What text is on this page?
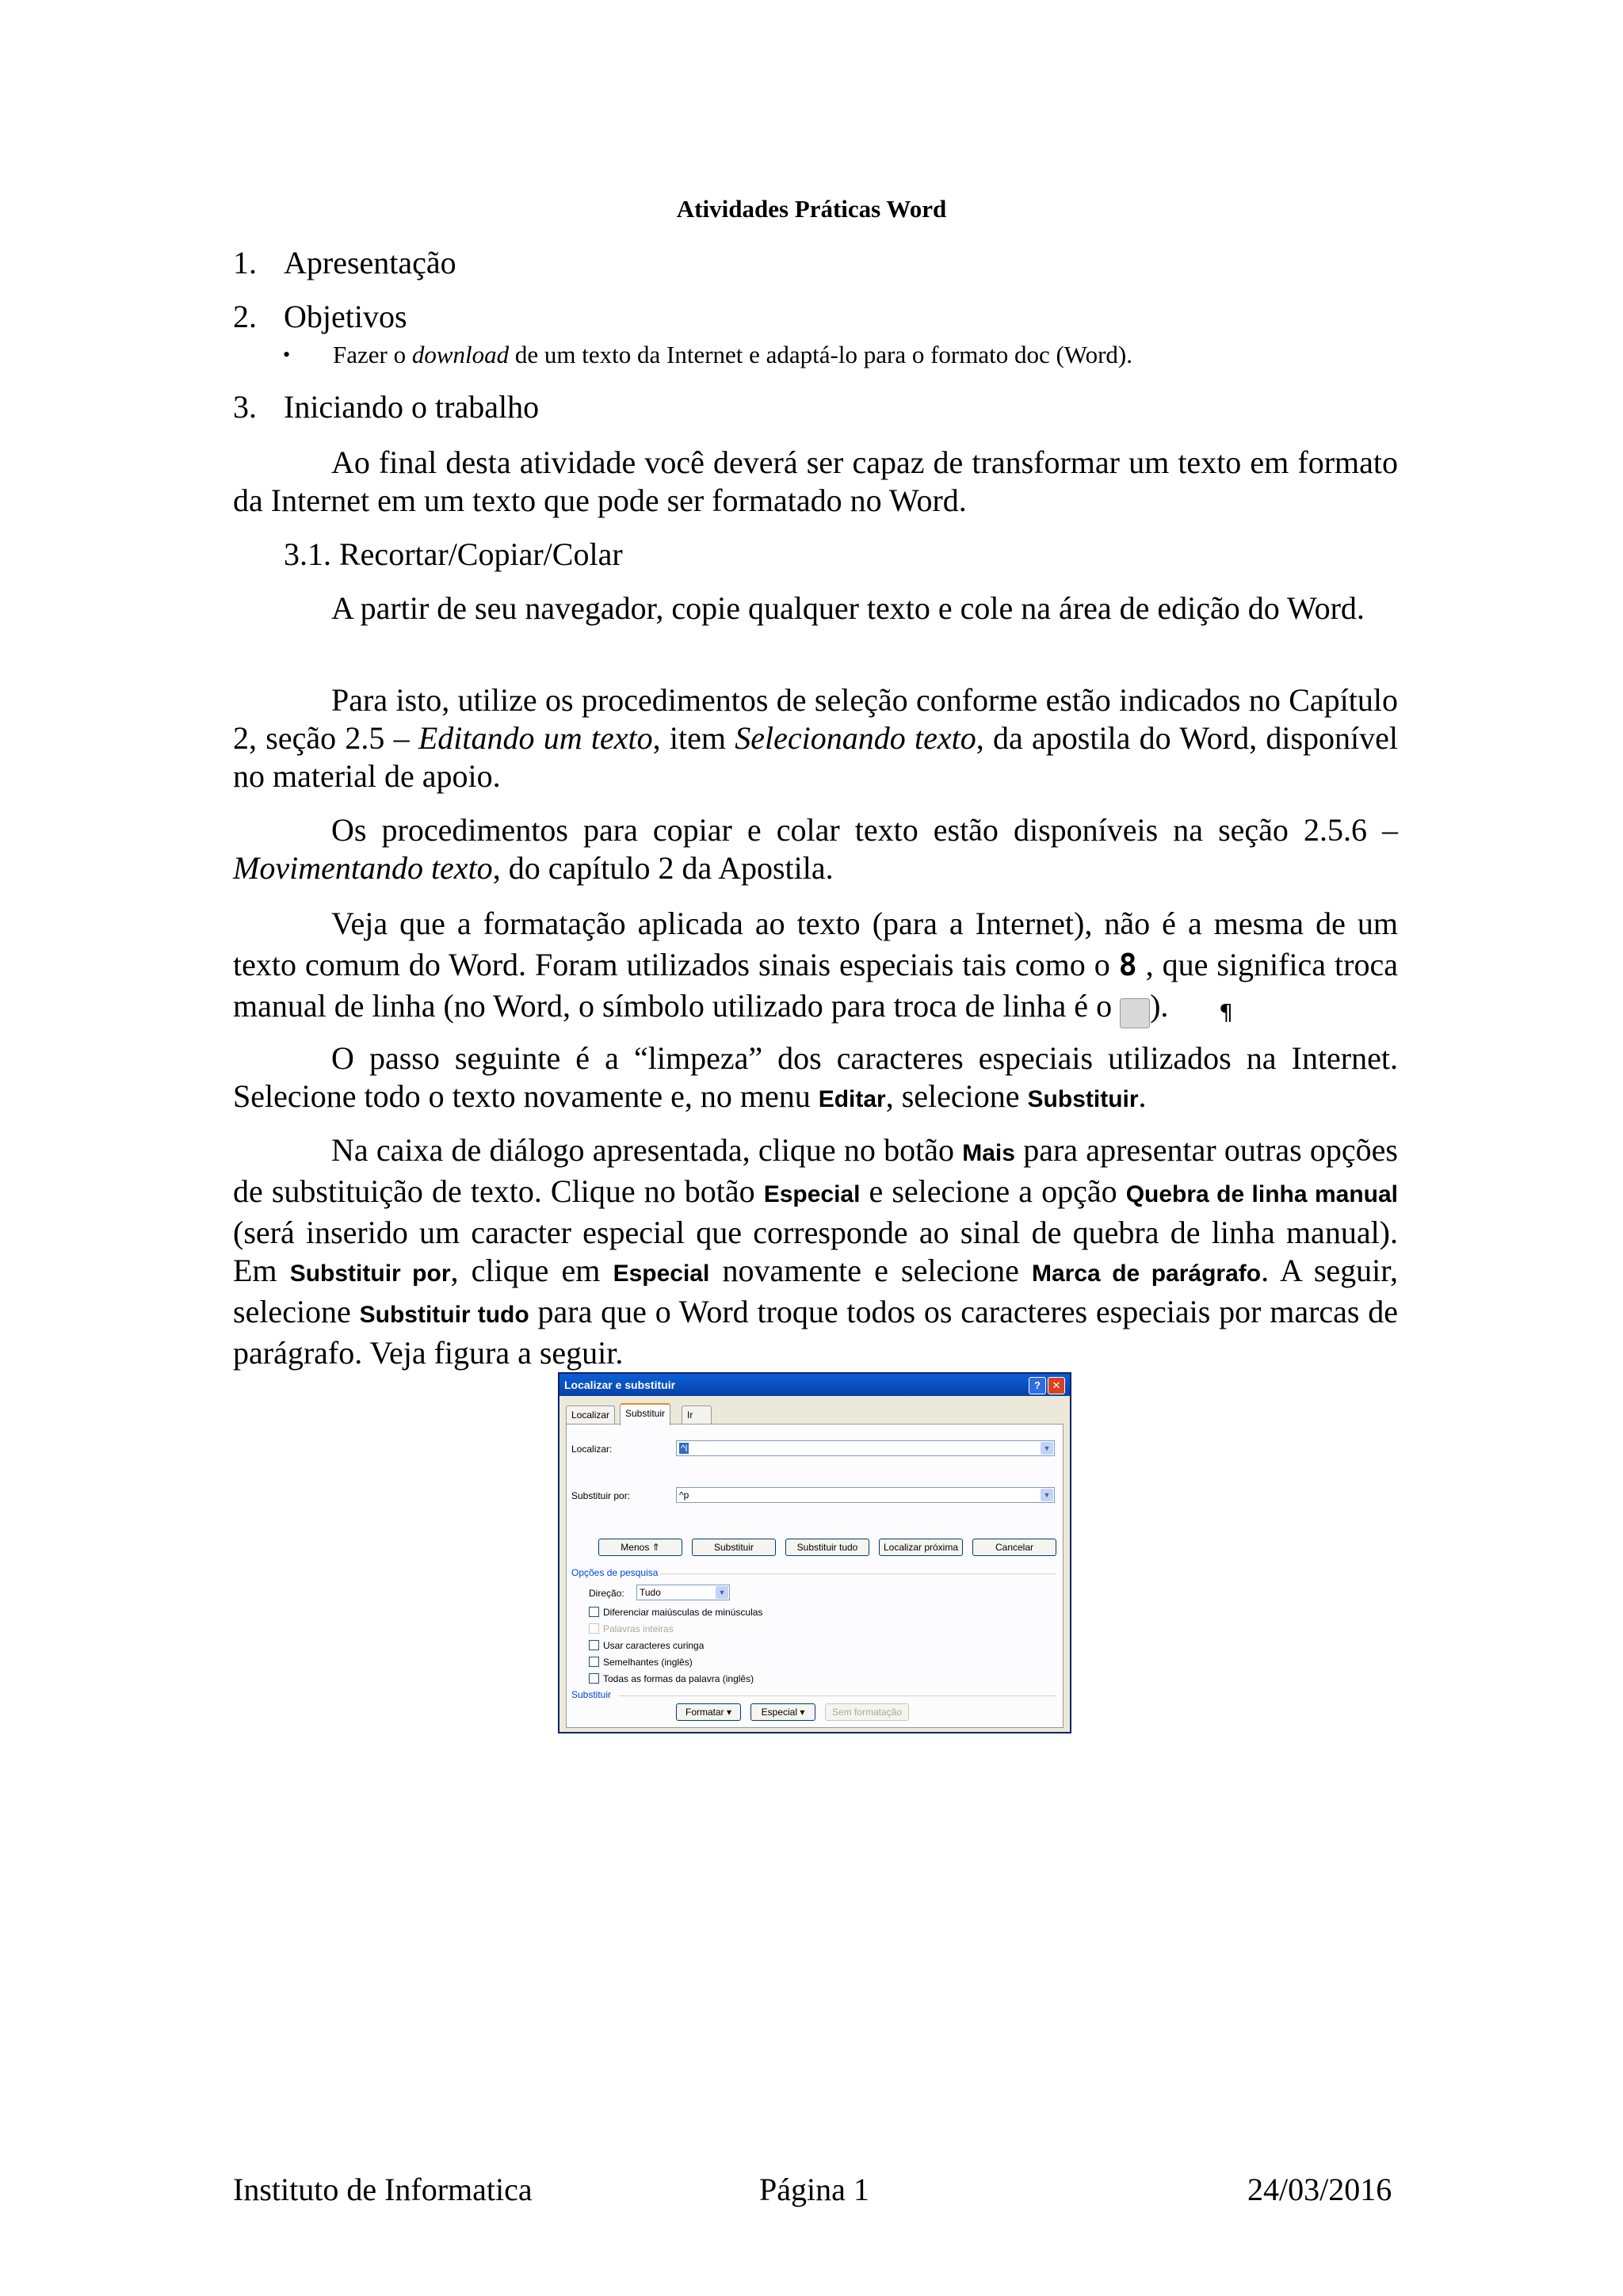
Atividades Práticas Word
1. Apresentação
2. Objetivos
• Fazer o download de um texto da Internet e adaptá-lo para o formato doc (Word).
3. Iniciando o trabalho

Ao final desta atividade você deverá ser capaz de transformar um texto em formato da Internet em um texto que pode ser formatado no Word.

3.1. Recortar/Copiar/Colar

A partir de seu navegador, copie qualquer texto e cole na área de edição do Word.

Para isto, utilize os procedimentos de seleção conforme estão indicados no Capítulo 2, seção 2.5 – Editando um texto, item Selecionando texto, da apostila do Word, disponível no material de apoio.

Os procedimentos para copiar e colar texto estão disponíveis na seção 2.5.6 – Movimentando texto, do capítulo 2 da Apostila.

Veja que a formatação aplicada ao texto (para a Internet), não é a mesma de um texto comum do Word. Foram utilizados sinais especiais tais como o 8 , que significa troca manual de linha (no Word, o símbolo utilizado para troca de linha é o	¶).

O passo seguinte é a “limpeza” dos caracteres especiais utilizados na Internet. Selecione todo o texto novamente e, no menu Editar, selecione Substituir.

Na caixa de diálogo apresentada, clique no botão Mais para apresentar outras opções de substituição de texto. Clique no botão Especial e selecione a opção Quebra de linha manual (será inserido um caracter especial que corresponde ao sinal de quebra de linha manual). Em Substituir por, clique em Especial novamente e selecione Marca de parágrafo. A seguir, selecione Substituir tudo para que o Word troque todos os caracteres especiais por marcas de parágrafo. Veja figura a seguir.

Localizar e substituir	?	✕
Localizar	Substituir	Ir
Localizar:	^l	▼
Substituir por:	^p	▼
Menos ⇑	Substituir	Substituir tudo	Localizar próxima	Cancelar
Opções de pesquisa
Direção:	Tudo	▼
Diferenciar maiúsculas de minúsculas
Palavras inteiras
Usar caracteres curinga
Semelhantes (inglês)
Todas as formas da palavra (inglês)
Substituir
Formatar ▾	Especial ▾	Sem formatação
Instituto de Informatica	Página 1	24/03/2016
